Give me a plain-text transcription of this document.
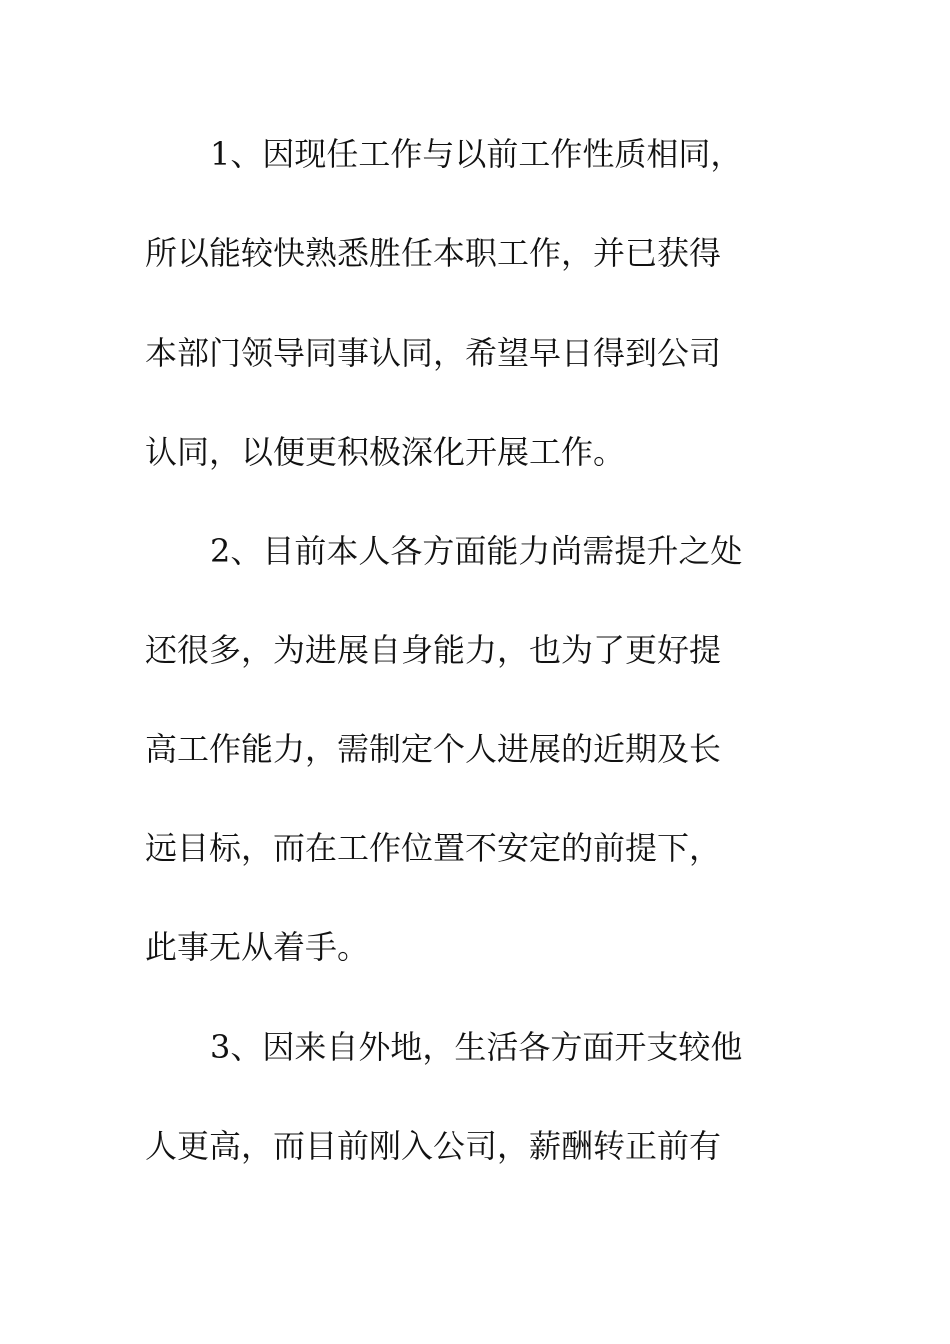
1、因现任工作与以前工作性质相同，
所以能较快熟悉胜任本职工作，并已获得
本部门领导同事认同，希望早日得到公司
认同，以便更积极深化开展工作。
2、目前本人各方面能力尚需提升之处
还很多，为进展自身能力，也为了更好提
高工作能力，需制定个人进展的近期及长
远目标，而在工作位置不安定的前提下，
此事无从着手。
3、因来自外地，生活各方面开支较他
人更高，而目前刚入公司，薪酬转正前有
